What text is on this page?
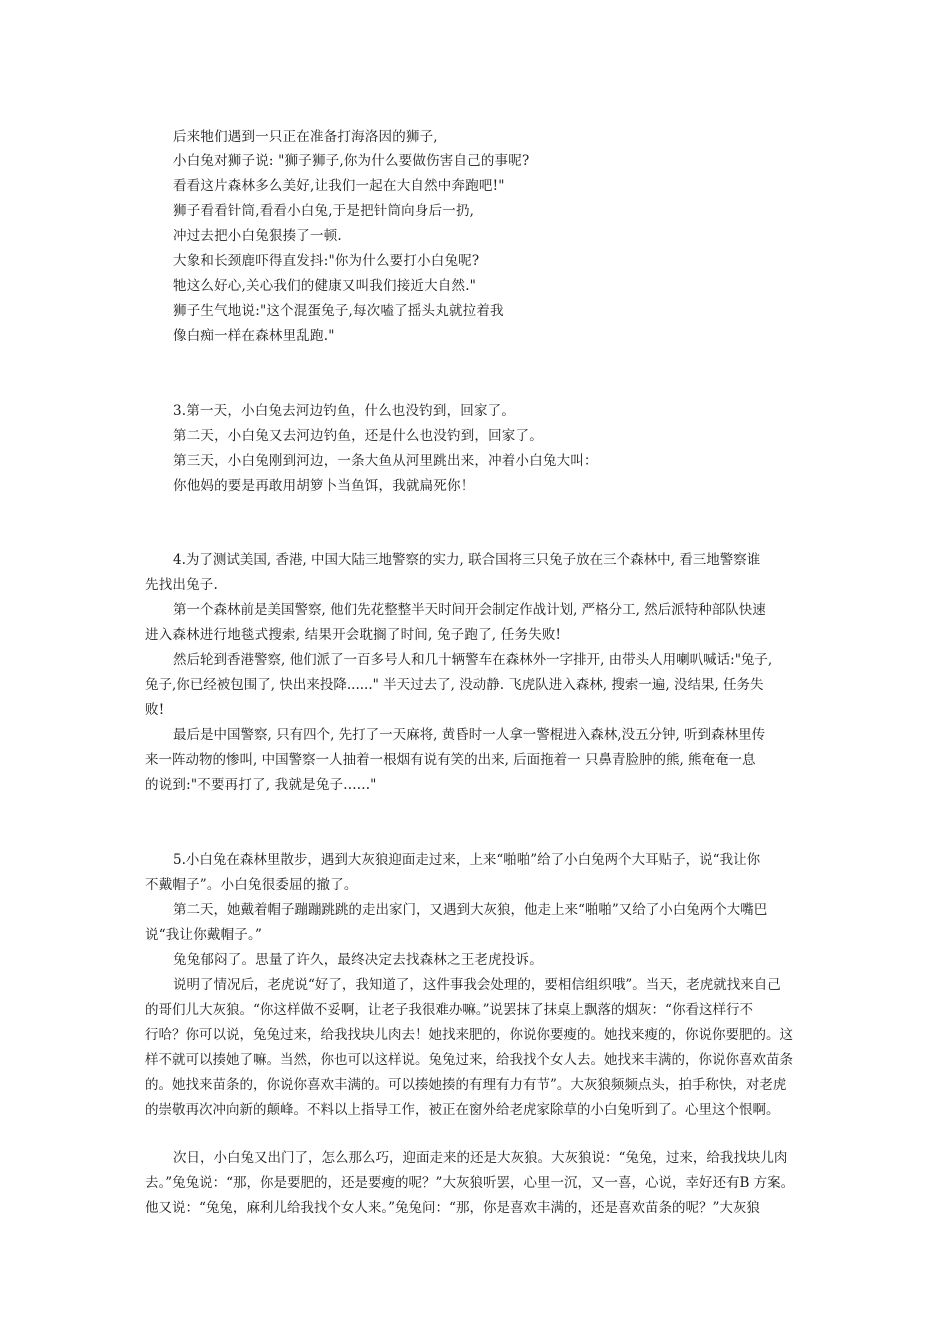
后来牠们遇到一只正在准备打海洛因的狮子,
小白兔对狮子说: "狮子狮子,你为什么要做伤害自己的事呢?
看看这片森林多么美好,让我们一起在大自然中奔跑吧!"
狮子看看针筒,看看小白兔,于是把针筒向身后一扔,
冲过去把小白兔狠揍了一顿.
大象和长颈鹿吓得直发抖:"你为什么要打小白兔呢?
牠这么好心,关心我们的健康又叫我们接近大自然."
狮子生气地说:"这个混蛋兔子,每次嗑了摇头丸就拉着我
像白痴一样在森林里乱跑."
3.第一天，小白兔去河边钓鱼，什么也没钓到，回家了。
第二天，小白兔又去河边钓鱼，还是什么也没钓到，回家了。
第三天，小白兔刚到河边，一条大鱼从河里跳出来，冲着小白兔大叫：
你他妈的要是再敢用胡箩卜当鱼饵，我就扁死你！
4.为了测试美国, 香港, 中国大陆三地警察的实力, 联合国将三只兔子放在三个森林中, 看三地警察谁
先找出兔子.
第一个森林前是美国警察, 他们先花整整半天时间开会制定作战计划, 严格分工, 然后派特种部队快速
进入森林进行地毯式搜索, 结果开会耽搁了时间, 兔子跑了, 任务失败!
然后轮到香港警察, 他们派了一百多号人和几十辆警车在森林外一字排开, 由带头人用喇叭喊话:"兔子,
兔子,你已经被包围了, 快出来投降......" 半天过去了, 没动静. 飞虎队进入森林, 搜索一遍, 没结果, 任务失
败!
最后是中国警察, 只有四个, 先打了一天麻将, 黄昏时一人拿一警棍进入森林,没五分钟, 听到森林里传
来一阵动物的惨叫, 中国警察一人抽着一根烟有说有笑的出来, 后面拖着一 只鼻青脸肿的熊, 熊奄奄一息
的说到:"不要再打了, 我就是兔子......"
5.小白兔在森林里散步，遇到大灰狼迎面走过来，上来“啪啪”给了小白兔两个大耳贴子，说“我让你
不戴帽子”。小白兔很委屈的撤了。
第二天，她戴着帽子蹦蹦跳跳的走出家门，又遇到大灰狼，他走上来“啪啪”又给了小白兔两个大嘴巴
说“我让你戴帽子。”
兔兔郁闷了。思量了许久，最终决定去找森林之王老虎投诉。
说明了情况后，老虎说“好了，我知道了，这件事我会处理的，要相信组织哦”。当天，老虎就找来自己
的哥们儿大灰狼。“你这样做不妥啊，让老子我很难办嘛。”说罢抹了抹桌上飘落的烟灰：“你看这样行不
行哈？你可以说，兔兔过来，给我找块儿肉去！她找来肥的，你说你要瘦的。她找来瘦的，你说你要肥的。这
样不就可以揍她了嘛。当然，你也可以这样说。兔兔过来，给我找个女人去。她找来丰满的，你说你喜欢苗条
的。她找来苗条的，你说你喜欢丰满的。可以揍她揍的有理有力有节”。大灰狼频频点头，拍手称快，对老虎
的崇敬再次冲向新的颠峰。不料以上指导工作，被正在窗外给老虎家除草的小白兔听到了。心里这个恨啊。
次日，小白兔又出门了，怎么那么巧，迎面走来的还是大灰狼。大灰狼说：“兔兔，过来，给我找块儿肉
去。”兔兔说：“那，你是要肥的，还是要瘦的呢？”大灰狼听罢，心里一沉，又一喜，心说，幸好还有B 方案。
他又说：“兔兔，麻利儿给我找个女人来。”兔兔问：“那，你是喜欢丰满的，还是喜欢苗条的呢？”大灰狼
